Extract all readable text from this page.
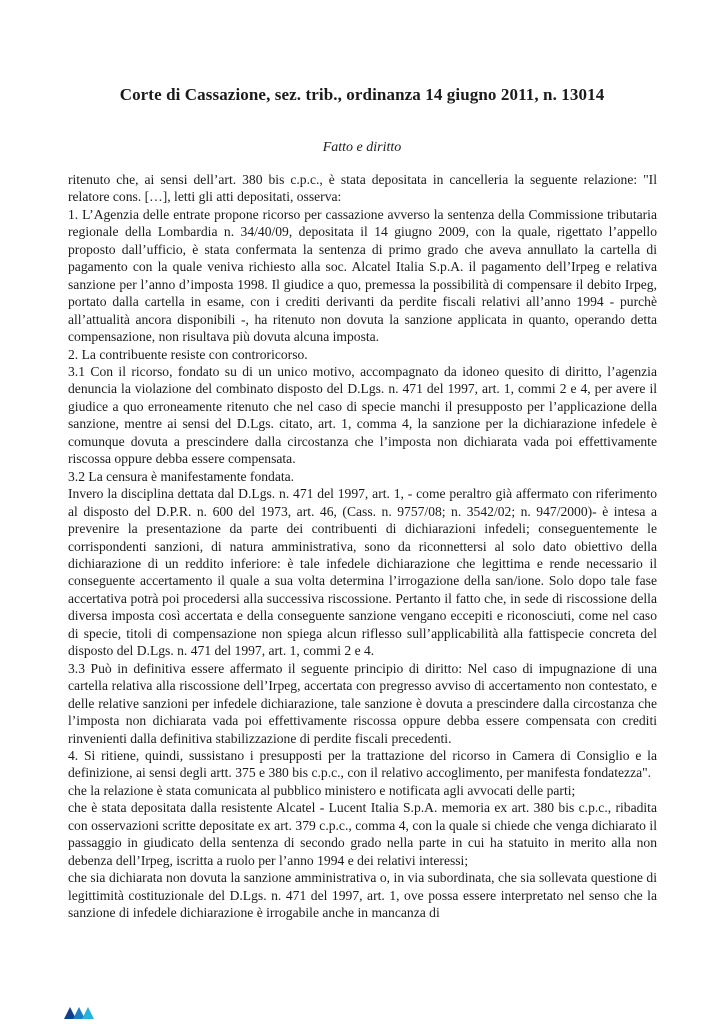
Corte di Cassazione, sez. trib., ordinanza 14 giugno 2011, n. 13014
Fatto e diritto

ritenuto che, ai sensi dell’art. 380 bis c.p.c., è stata depositata in cancelleria la seguente relazione: "Il relatore cons. […], letti gli atti depositati, osserva:

1. L’Agenzia delle entrate propone ricorso per cassazione avverso la sentenza della Commissione tributaria regionale della Lombardia n. 34/40/09, depositata il 14 giugno 2009, con la quale, rigettato l’appello proposto dall’ufficio, è stata confermata la sentenza di primo grado che aveva annullato la cartella di pagamento con la quale veniva richiesto alla soc. Alcatel Italia S.p.A. il pagamento dell’Irpeg e relativa sanzione per l’anno d’imposta 1998. Il giudice a quo, premessa la possibilità di compensare il debito Irpeg, portato dalla cartella in esame, con i crediti derivanti da perdite fiscali relativi all’anno 1994 - purchè all’attualità ancora disponibili -, ha ritenuto non dovuta la sanzione applicata in quanto, operando detta compensazione, non risultava più dovuta alcuna imposta.

2. La contribuente resiste con controricorso.

3.1 Con il ricorso, fondato su di un unico motivo, accompagnato da idoneo quesito di diritto, l’agenzia denuncia la violazione del combinato disposto del D.Lgs. n. 471 del 1997, art. 1, commi 2 e 4, per avere il giudice a quo erroneamente ritenuto che nel caso di specie manchi il presupposto per l’applicazione della sanzione, mentre ai sensi del D.Lgs. citato, art. 1, comma 4, la sanzione per la dichiarazione infedele è comunque dovuta a prescindere dalla circostanza che l’imposta non dichiarata vada poi effettivamente riscossa oppure debba essere compensata.

3.2 La censura è manifestamente fondata.

Invero la disciplina dettata dal D.Lgs. n. 471 del 1997, art. 1, - come peraltro già affermato con riferimento al disposto del D.P.R. n. 600 del 1973, art. 46, (Cass. n. 9757/08; n. 3542/02; n. 947/2000)- è intesa a prevenire la presentazione da parte dei contribuenti di dichiarazioni infedeli; conseguentemente le corrispondenti sanzioni, di natura amministrativa, sono da riconnettersi al solo dato obiettivo della dichiarazione di un reddito inferiore: è tale infedele dichiarazione che legittima e rende necessario il conseguente accertamento il quale a sua volta determina l’irrogazione della san/ione. Solo dopo tale fase accertativa potrà poi procedersi alla successiva riscossione. Pertanto il fatto che, in sede di riscossione della diversa imposta così accertata e della conseguente sanzione vengano eccepiti e riconosciuti, come nel caso di specie, titoli di compensazione non spiega alcun riflesso sull’applicabilità alla fattispecie concreta del disposto del D.Lgs. n. 471 del 1997, art. 1, commi 2 e 4.

3.3 Può in definitiva essere affermato il seguente principio di diritto: Nel caso di impugnazione di una cartella relativa alla riscossione dell’Irpeg, accertata con pregresso avviso di accertamento non contestato, e delle relative sanzioni per infedele dichiarazione, tale sanzione è dovuta a prescindere dalla circostanza che l’imposta non dichiarata vada poi effettivamente riscossa oppure debba essere compensata con crediti rinvenienti dalla definitiva stabilizzazione di perdite fiscali precedenti.

4. Si ritiene, quindi, sussistano i presupposti per la trattazione del ricorso in Camera di Consiglio e la definizione, ai sensi degli artt. 375 e 380 bis c.p.c., con il relativo accoglimento, per manifesta fondatezza".

che la relazione è stata comunicata al pubblico ministero e notificata agli avvocati delle parti;

che è stata depositata dalla resistente Alcatel - Lucent Italia S.p.A. memoria ex art. 380 bis c.p.c., ribadita con osservazioni scritte depositate ex art. 379 c.p.c., comma 4, con la quale si chiede che venga dichiarato il passaggio in giudicato della sentenza di secondo grado nella parte in cui ha statuito in merito alla non debenza dell’Irpeg, iscritta a ruolo per l’anno 1994 e dei relativi interessi;

che sia dichiarata non dovuta la sanzione amministrativa o, in via subordinata, che sia sollevata questione di legittimità costituzionale del D.Lgs. n. 471 del 1997, art. 1, ove possa essere interpretato nel senso che la sanzione di infedele dichiarazione è irrogabile anche in mancanza di
